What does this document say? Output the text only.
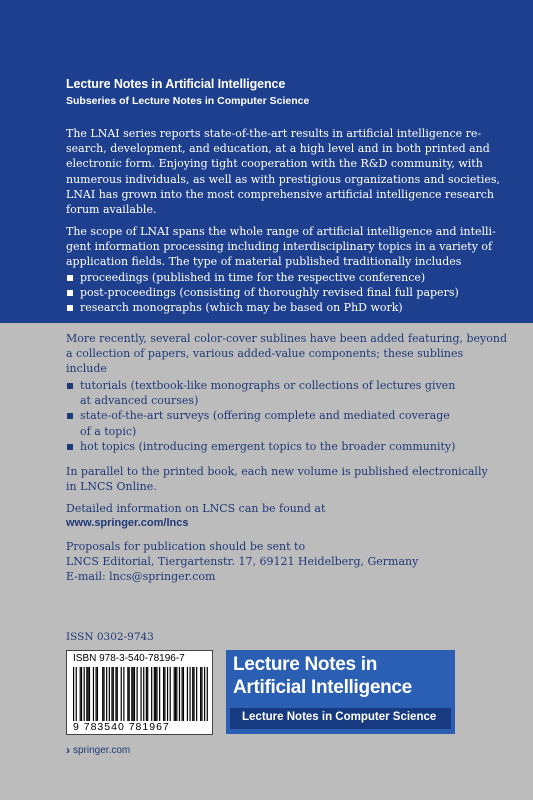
Lecture Notes in Artificial Intelligence
Subseries of Lecture Notes in Computer Science
The LNAI series reports state-of-the-art results in artificial intelligence re-
search, development, and education, at a high level and in both printed and
electronic form. Enjoying tight cooperation with the R&D community, with
numerous individuals, as well as with prestigious organizations and societies,
LNAI has grown into the most comprehensive artificial intelligence research
forum available.
The scope of LNAI spans the whole range of artificial intelligence and intelli-
gent information processing including interdisciplinary topics in a variety of
application fields. The type of material published traditionally includes
proceedings (published in time for the respective conference)
post-proceedings (consisting of thoroughly revised final full papers)
research monographs (which may be based on PhD work)
More recently, several color-cover sublines have been added featuring, beyond
a collection of papers, various added-value components; these sublines
include
tutorials (textbook-like monographs or collections of lectures given
at advanced courses)
state-of-the-art surveys (offering complete and mediated coverage
of a topic)
hot topics (introducing emergent topics to the broader community)
In parallel to the printed book, each new volume is published electronically
in LNCS Online.
Detailed information on LNCS can be found at
www.springer.com/lncs
Proposals for publication should be sent to
LNCS Editorial, Tiergartenstr. 17, 69121 Heidelberg, Germany
E-mail: lncs@springer.com
ISSN 0302-9743
ISBN 978-3-540-78196-7
9 783540 781967
› springer.com
Lecture Notes in
Artificial Intelligence
Lecture Notes in Computer Science
